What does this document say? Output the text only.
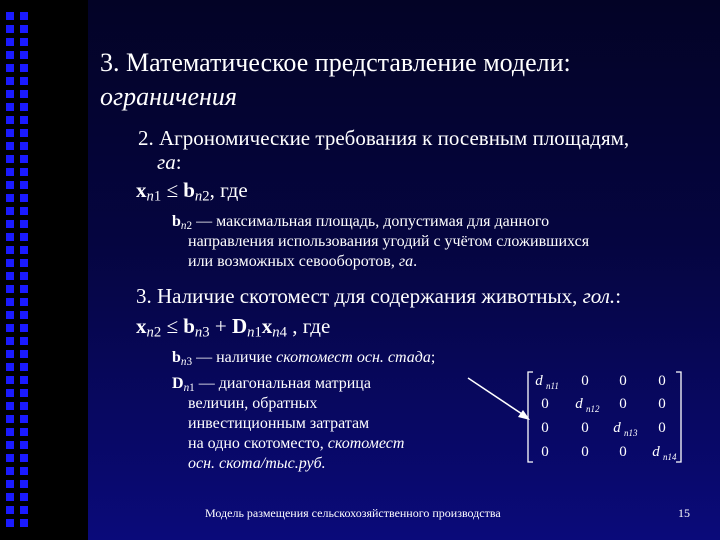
3. Математическое представление модели:
ограничения
2. Агрономические требования к посевным площадям,
га:
xn1 ≤ bn2, где
bn2 — максимальная площадь, допустимая для данного
направления использования угодий с учётом сложившихся
или возможных севооборотов, га.
3. Наличие скотомест для содержания животных, гол.:
xn2 ≤ bn3 + Dn1xn4 , где
bn3 — наличие скотомест осн. стада;
Dn1 — диагональная матрица
величин, обратных
инвестиционным затратам
на одно скотоместо, скотомест
осн. скота/тыс.руб.
d n11 0 0 0
0 d n12 0 0
0 0 d n13 0
0 0 0 d n14
Модель размещения сельскохозяйственного производства	15
